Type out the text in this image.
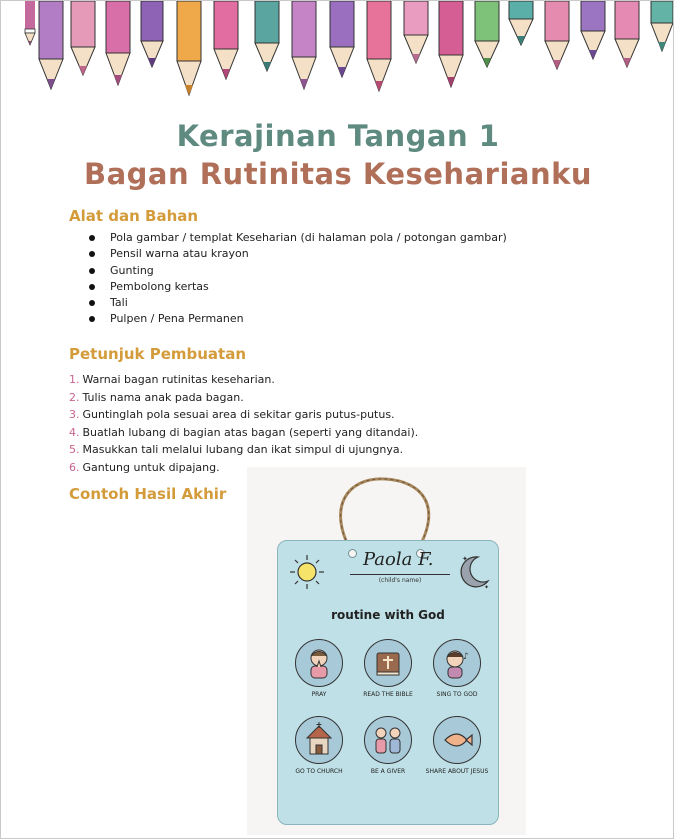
Kerajinan Tangan 1
Bagan Rutinitas Keseharianku
Alat dan Bahan
Pola gambar / templat Keseharian (di halaman pola / potongan gambar)
Pensil warna atau krayon
Gunting
Pembolong kertas
Tali
Pulpen / Pena Permanen
Petunjuk Pembuatan
1. Warnai bagan rutinitas keseharian.
2. Tulis nama anak pada bagan.
3. Guntinglah pola sesuai area di sekitar garis putus-putus.
4. Buatlah lubang di bagian atas bagan (seperti yang ditandai).
5. Masukkan tali melalui lubang dan ikat simpul di ujungnya.
6. Gantung untuk dipajang.
Contoh Hasil Akhir
Paola F.
(child's name)
✦
✦
routine with God
PRAY	READ THE BIBLE
♪
SING TO GOD
GO TO CHURCH	BE A GIVER	SHARE ABOUT JESUS
